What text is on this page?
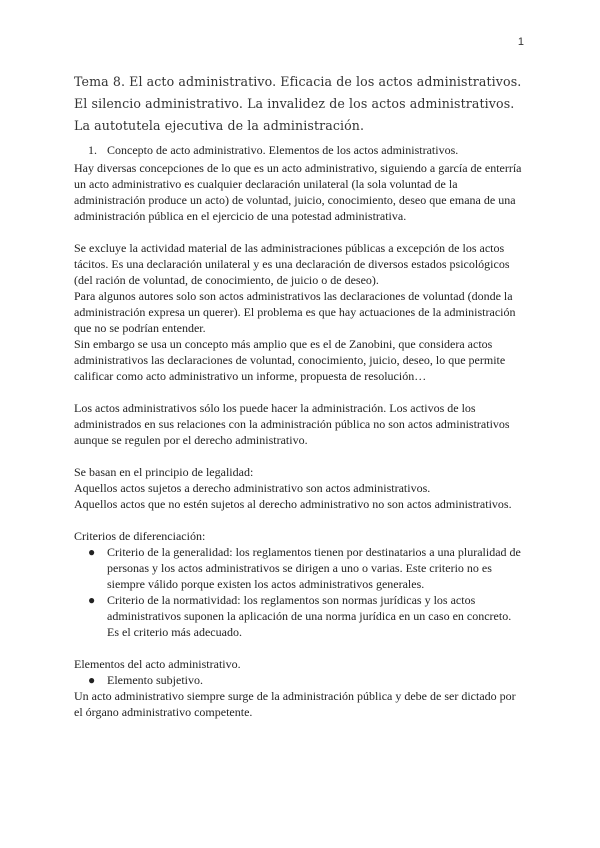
1
Tema 8. El acto administrativo. Eficacia de los actos administrativos. El silencio administrativo. La invalidez de los actos administrativos. La autotutela ejecutiva de la administración.
1. Concepto de acto administrativo. Elementos de los actos administrativos.

Hay diversas concepciones de lo que es un acto administrativo, siguiendo a garcía de enterría un acto administrativo es cualquier declaración unilateral (la sola voluntad de la administración produce un acto) de voluntad, juicio, conocimiento, deseo que emana de una administración pública en el ejercicio de una potestad administrativa.

Se excluye la actividad material de las administraciones públicas a excepción de los actos tácitos. Es una declaración unilateral y es una declaración de diversos estados psicológicos (del ración de voluntad, de conocimiento, de juicio o de deseo).

Para algunos autores solo son actos administrativos las declaraciones de voluntad (donde la administración expresa un querer). El problema es que hay actuaciones de la administración que no se podrían entender.

Sin embargo se usa un concepto más amplio que es el de Zanobini, que considera actos administrativos las declaraciones de voluntad, conocimiento, juicio, deseo, lo que permite calificar como acto administrativo un informe, propuesta de resolución…

Los actos administrativos sólo los puede hacer la administración. Los activos de los administrados en sus relaciones con la administración pública no son actos administrativos aunque se regulen por el derecho administrativo.

Se basan en el principio de legalidad:

Aquellos actos sujetos a derecho administrativo son actos administrativos.

Aquellos actos que no estén sujetos al derecho administrativo no son actos administrativos.

Criterios de diferenciación:

● Criterio de la generalidad: los reglamentos tienen por destinatarios a una pluralidad de personas y los actos administrativos se dirigen a uno o varias. Este criterio no es siempre válido porque existen los actos administrativos generales.
● Criterio de la normatividad: los reglamentos son normas jurídicas y los actos administrativos suponen la aplicación de una norma jurídica en un caso en concreto. Es el criterio más adecuado.

Elementos del acto administrativo.

● Elemento subjetivo.

Un acto administrativo siempre surge de la administración pública y debe de ser dictado por el órgano administrativo competente.
